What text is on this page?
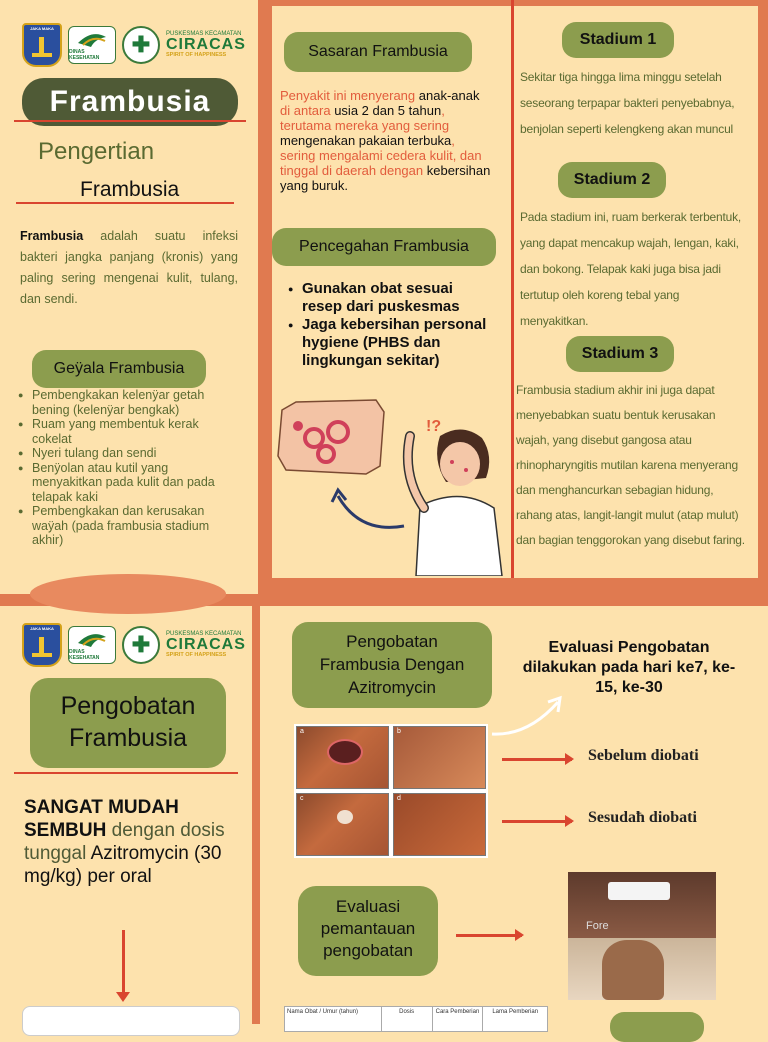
JAKA MAKA
DINAS KESEHATAN
✚	PUSKESMAS KECAMATAN
CIRACAS
SPIRIT OF HAPPINESS
Frambusia
Pengertian
Frambusia
Frambusia adalah suatu infeksi bakteri jangka panjang (kronis) yang paling sering mengenai kulit, tulang, dan sendi.
Geÿala Frambusia
● Pembengkakan kelenÿar getah bening (kelenÿar bengkak)
● Ruam yang membentuk kerak cokelat
● Nyeri tulang dan sendi
● Benÿolan atau kutil yang menyakitkan pada kulit dan pada telapak kaki
● Pembengkakan dan kerusakan waÿah (pada frambusia stadium akhir)
Sasaran Frambusia
Penyakit ini menyerang anak-anak di antara usia 2 dan 5 tahun, terutama mereka yang sering mengenakan pakaian terbuka, sering mengalami cedera kulit, dan tinggal di daerah dengan kebersihan yang buruk.
Pencegahan Frambusia
● Gunakan obat sesuai resep dari puskesmas
● Jaga kebersihan personal hygiene (PHBS dan lingkungan sekitar)
!?
Stadium 1
Sekitar tiga hingga lima minggu setelah seseorang terpapar bakteri penyebabnya, benjolan seperti kelengkeng akan muncul
Stadium 2
Pada stadium ini, ruam berkerak terbentuk, yang dapat mencakup wajah, lengan, kaki, dan bokong. Telapak kaki juga bisa jadi tertutup oleh koreng tebal yang menyakitkan.
Stadium 3
Frambusia stadium akhir ini juga dapat menyebabkan suatu bentuk kerusakan wajah, yang disebut gangosa atau rhinopharyngitis mutilan karena menyerang dan menghancurkan sebagian hidung, rahang atas, langit-langit mulut (atap mulut) dan bagian tenggorokan yang disebut faring.
JAKA MAKA
DINAS KESEHATAN
✚	PUSKESMAS KECAMATAN
CIRACAS
SPIRIT OF HAPPINESS
Pengobatan
Frambusia
SANGAT MUDAH SEMBUH dengan dosis tunggal Azitromycin (30 mg/kg) per oral
Pengobatan Frambusia Dengan Azitromycin
Evaluasi Pengobatan dilakukan pada hari ke7, ke-15, ke-30
a	b
c	d
Sebelum diobati
Sesudaħ diobati
Evaluasi pemantauan pengobatan
Fore
Nama Obat / Umur (tahun)	Dosis	Cara Pemberian	Lama Pemberian
